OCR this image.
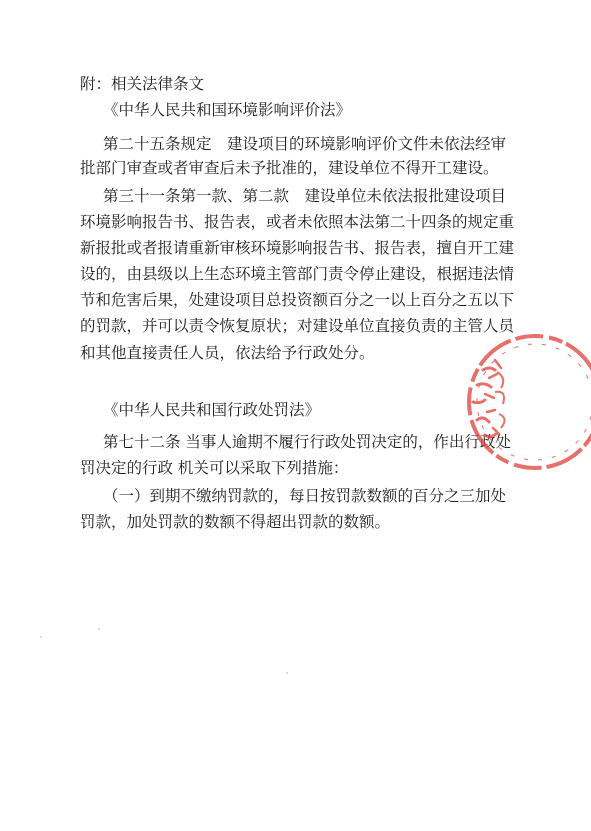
附：相关法律条文
《中华人民共和国环境影响评价法》
第二十五条规定　建设项目的环境影响评价文件未依法经审
批部门审查或者审查后未予批准的，建设单位不得开工建设。
第三十一条第一款、第二款　建设单位未依法报批建设项目
环境影响报告书、报告表，或者未依照本法第二十四条的规定重
新报批或者报请重新审核环境影响报告书、报告表，擅自开工建
设的，由县级以上生态环境主管部门责令停止建设，根据违法情
节和危害后果，处建设项目总投资额百分之一以上百分之五以下
的罚款，并可以责令恢复原状；对建设单位直接负责的主管人员
和其他直接责任人员，依法给予行政处分。
《中华人民共和国行政处罚法》
第七十二条 当事人逾期不履行行政处罚决定的，作出行政处
罚决定的行政 机关可以采取下列措施：
（一）到期不缴纳罚款的，每日按罚款数额的百分之三加处
罚款，加处罚款的数额不得超出罚款的数额。
